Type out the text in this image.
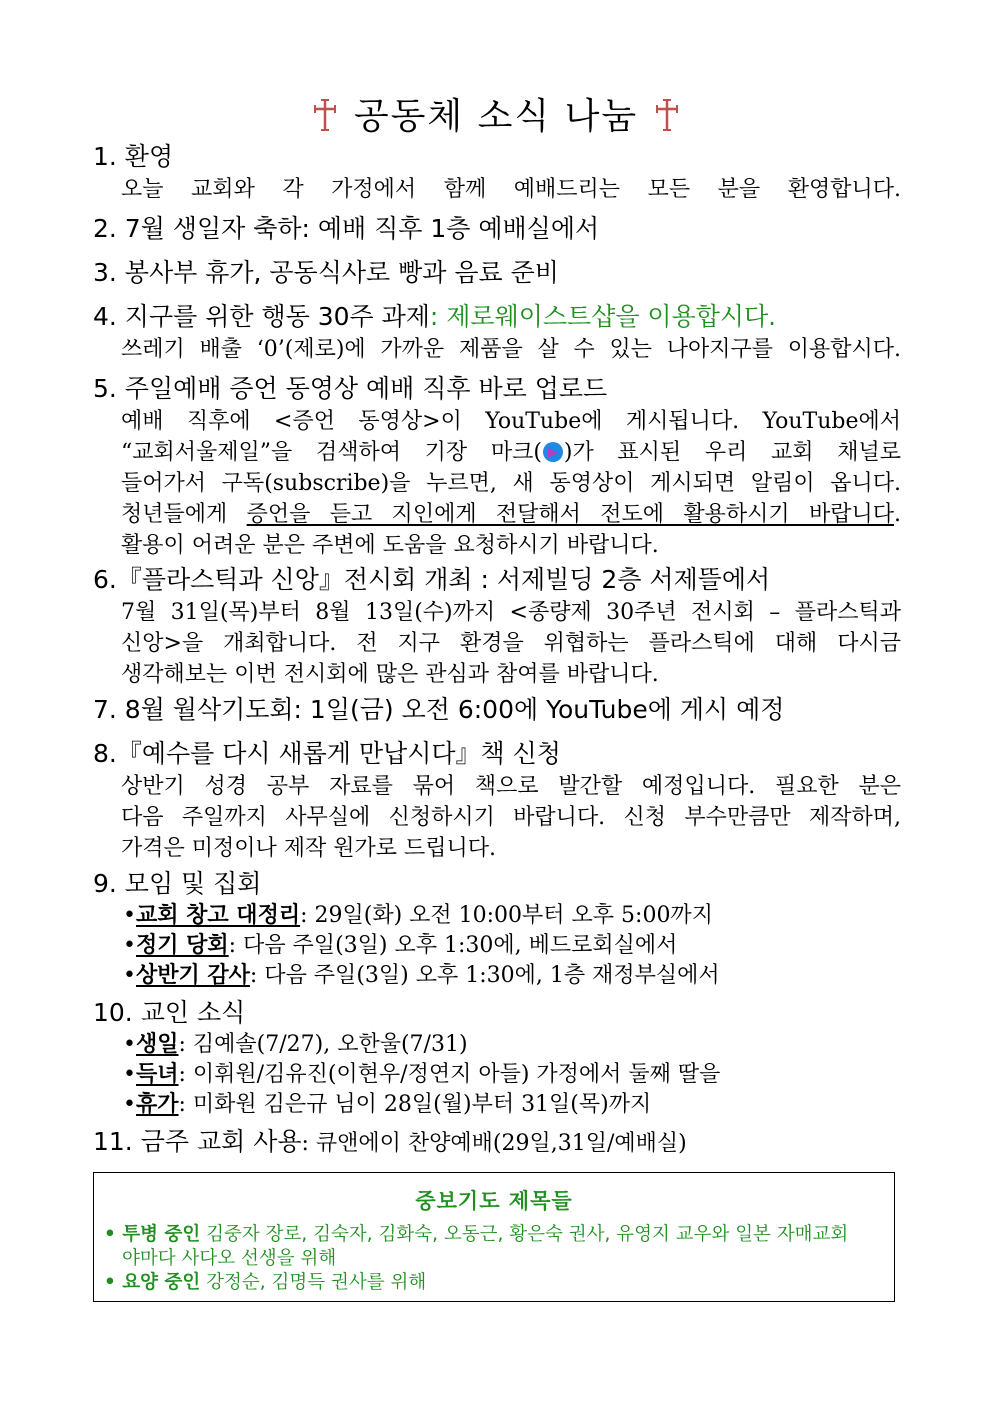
공동체 소식 나눔
1. 환영
오늘 교회와 각 가정에서 함께 예배드리는 모든 분을 환영합니다.
2. 7월 생일자 축하: 예배 직후 1층 예배실에서
3. 봉사부 휴가, 공동식사로 빵과 음료 준비
4. 지구를 위한 행동 30주 과제: 제로웨이스트샵을 이용합시다.
쓰레기 배출 ‘0’(제로)에 가까운 제품을 살 수 있는 나아지구를 이용합시다.
5. 주일예배 증언 동영상 예배 직후 바로 업로드
예배 직후에 <증언 동영상>이 YouTube에 게시됩니다. YouTube에서
“교회서울제일”을 검색하여 기장 마크( )가 표시된 우리 교회 채널로
들어가서 구독(subscribe)을 누르면, 새 동영상이 게시되면 알림이 옵니다.
청년들에게 증언을 듣고 지인에게 전달해서 전도에 활용하시기 바랍니다.
활용이 어려운 분은 주변에 도움을 요청하시기 바랍니다.
6.『플라스틱과 신앙』전시회 개최 : 서제빌딩 2층 서제뜰에서
7월 31일(목)부터 8월 13일(수)까지 <종량제 30주년 전시회 – 플라스틱과
신앙>을 개최합니다. 전 지구 환경을 위협하는 플라스틱에 대해 다시금
생각해보는 이번 전시회에 많은 관심과 참여를 바랍니다.
7. 8월 월삭기도회: 1일(금) 오전 6:00에 YouTube에 게시 예정
8.『예수를 다시 새롭게 만납시다』책 신청
상반기 성경 공부 자료를 묶어 책으로 발간할 예정입니다. 필요한 분은
다음 주일까지 사무실에 신청하시기 바랍니다. 신청 부수만큼만 제작하며,
가격은 미정이나 제작 원가로 드립니다.
9. 모임 및 집회
•교회 창고 대정리: 29일(화) 오전 10:00부터 오후 5:00까지
•정기 당회: 다음 주일(3일) 오후 1:30에, 베드로회실에서
•상반기 감사: 다음 주일(3일) 오후 1:30에, 1층 재정부실에서
10. 교인 소식
•생일: 김예솔(7/27), 오한울(7/31)
•득녀: 이휘원/김유진(이현우/정연지 아들) 가정에서 둘째 딸을
•휴가: 미화원 김은규 님이 28일(월)부터 31일(목)까지
11. 금주 교회 사용: 큐앤에이 찬양예배(29일,31일/예배실)
중보기도 제목들
• 투병 중인 김중자 장로, 김숙자, 김화숙, 오동근, 황은숙 권사, 유영지 교우와 일본 자매교회
야마다 사다오 선생을 위해
• 요양 중인 강정순, 김명득 권사를 위해
